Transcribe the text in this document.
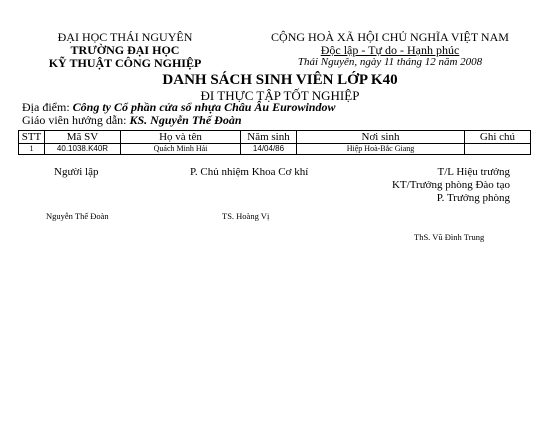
ĐẠI HỌC THÁI NGUYÊN
TRƯỜNG ĐẠI HỌC
KỸ THUẬT CÔNG NGHIỆP
CỘNG HOÀ XÃ HỘI CHỦ NGHĨA VIỆT NAM
Độc lập - Tự do - Hạnh phúc
Thái Nguyên, ngày 11 tháng 12 năm 2008
DANH SÁCH SINH VIÊN LỚP K40
ĐI THỰC TẬP TỐT NGHIỆP
Địa điểm: Công ty Cổ phần cửa sổ nhựa Châu Âu Eurowindow
Giáo viên hướng dẫn: KS. Nguyễn Thế Đoàn
STT	Mã SV	Họ và tên	Năm sinh	Nơi sinh	Ghi chú
1	40.1038.K40R	Quách Minh Hải	14/04/86	Hiệp Hoà-Bắc Giang	
Người lập	P. Chủ nhiệm Khoa Cơ khí	T/L Hiệu trưởng
KT/Trưởng phòng Đào tạo
P. Trưởng phòng
Nguyễn Thế Đoàn	TS. Hoàng Vị
ThS. Vũ Đình Trung
